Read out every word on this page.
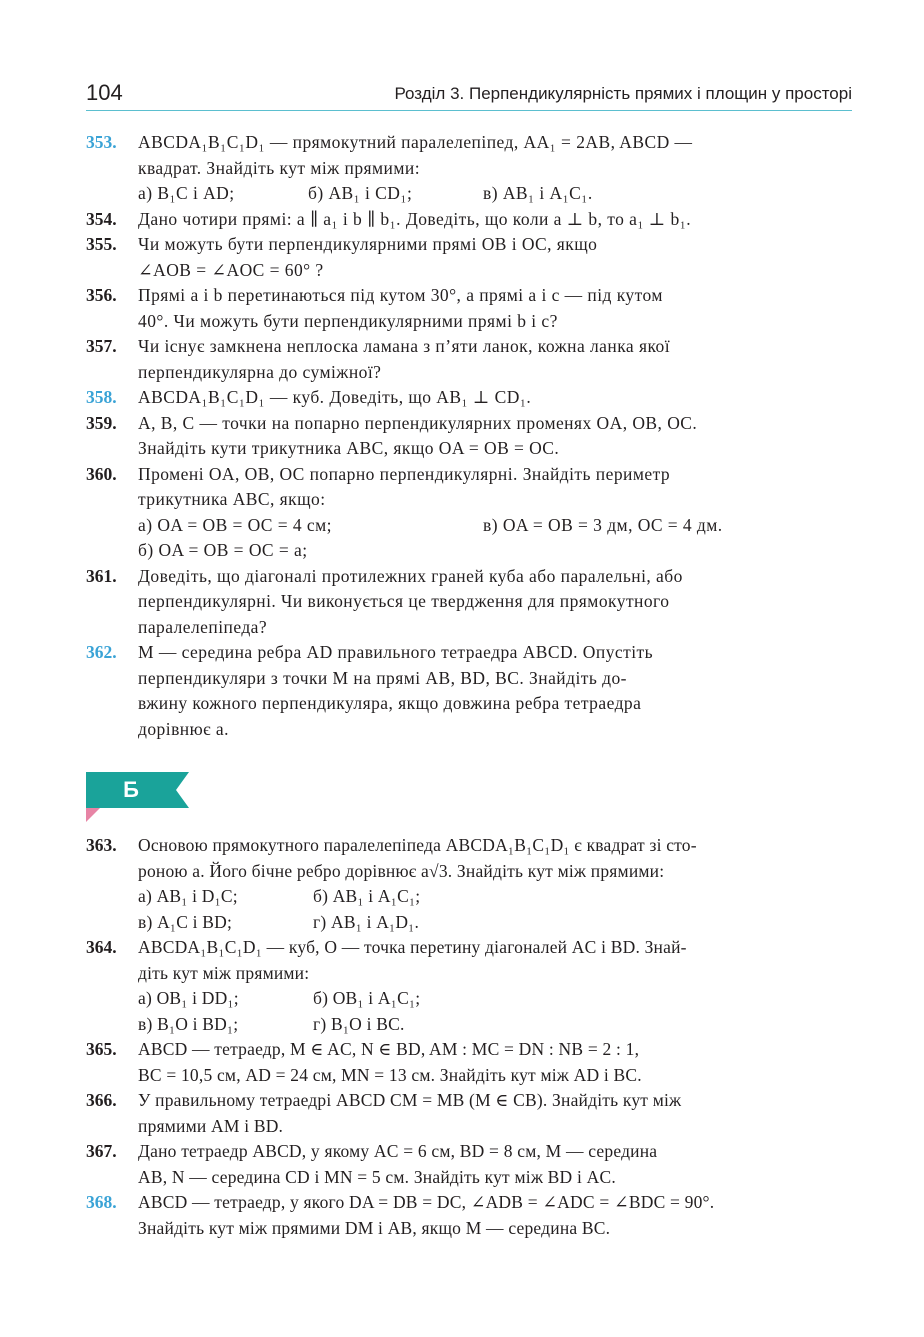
104	Розділ 3. Перпендикулярність прямих і площин у просторі
353. ABCDA₁B₁C₁D₁ — прямокутний паралелепіпед, AA₁ = 2AB, ABCD —
квадрат. Знайдіть кут між прямими:
а) B₁C і AD;	б) AB₁ і CD₁;	в) AB₁ і A₁C₁.
354. Дано чотири прямі: a ∥ a₁ і b ∥ b₁. Доведіть, що коли a ⊥ b, то a₁ ⊥ b₁.
355. Чи можуть бути перпендикулярними прямі OB і OC, якщо
∠AOB = ∠AOC = 60° ?
356. Прямі a і b перетинаються під кутом 30°, а прямі a і c — під кутом
40°. Чи можуть бути перпендикулярними прямі b і c?
357. Чи існує замкнена неплоска ламана з п’яти ланок, кожна ланка якої
перпендикулярна до суміжної?
358. ABCDA₁B₁C₁D₁ — куб. Доведіть, що AB₁ ⊥ CD₁.
359. A, B, C — точки на попарно перпендикулярних променях OA, OB, OC.
Знайдіть кути трикутника ABC, якщо OA = OB = OC.
360. Промені OA, OB, OC попарно перпендикулярні. Знайдіть периметр
трикутника ABC, якщо:
а) OA = OB = OC = 4 см;	в) OA = OB = 3 дм, OC = 4 дм.
б) OA = OB = OC = a;
361. Доведіть, що діагоналі протилежних граней куба або паралельні, або
перпендикулярні. Чи виконується це твердження для прямокутного
паралелепіпеда?
362. M — середина ребра AD правильного тетраедра ABCD. Опустіть
перпендикуляри з точки M на прямі AB, BD, BC. Знайдіть до-
вжину кожного перпендикуляра, якщо довжина ребра тетраедра
дорівнює a.
Б
363. Основою прямокутного паралелепіпеда ABCDA₁B₁C₁D₁ є квадрат зі сто-
роною a. Його бічне ребро дорівнює a√3. Знайдіть кут між прямими:
а) AB₁ і D₁C;	б) AB₁ і A₁C₁;
в) A₁C і BD;	г) AB₁ і A₁D₁.
364. ABCDA₁B₁C₁D₁ — куб, O — точка перетину діагоналей AC і BD. Знай-
діть кут між прямими:
а) OB₁ і DD₁;	б) OB₁ і A₁C₁;
в) B₁O і BD₁;	г) B₁O і BC.
365. ABCD — тетраедр, M ∈ AC, N ∈ BD, AM : MC = DN : NB = 2 : 1,
BC = 10,5 см, AD = 24 см, MN = 13 см. Знайдіть кут між AD і BC.
366. У правильному тетраедрі ABCD CM = MB (M ∈ CB). Знайдіть кут між
прямими AM і BD.
367. Дано тетраедр ABCD, у якому AC = 6 см, BD = 8 см, M — середина
AB, N — середина CD і MN = 5 см. Знайдіть кут між BD і AC.
368. ABCD — тетраедр, у якого DA = DB = DC, ∠ADB = ∠ADC = ∠BDC = 90°.
Знайдіть кут між прямими DM і AB, якщо M — середина BC.
